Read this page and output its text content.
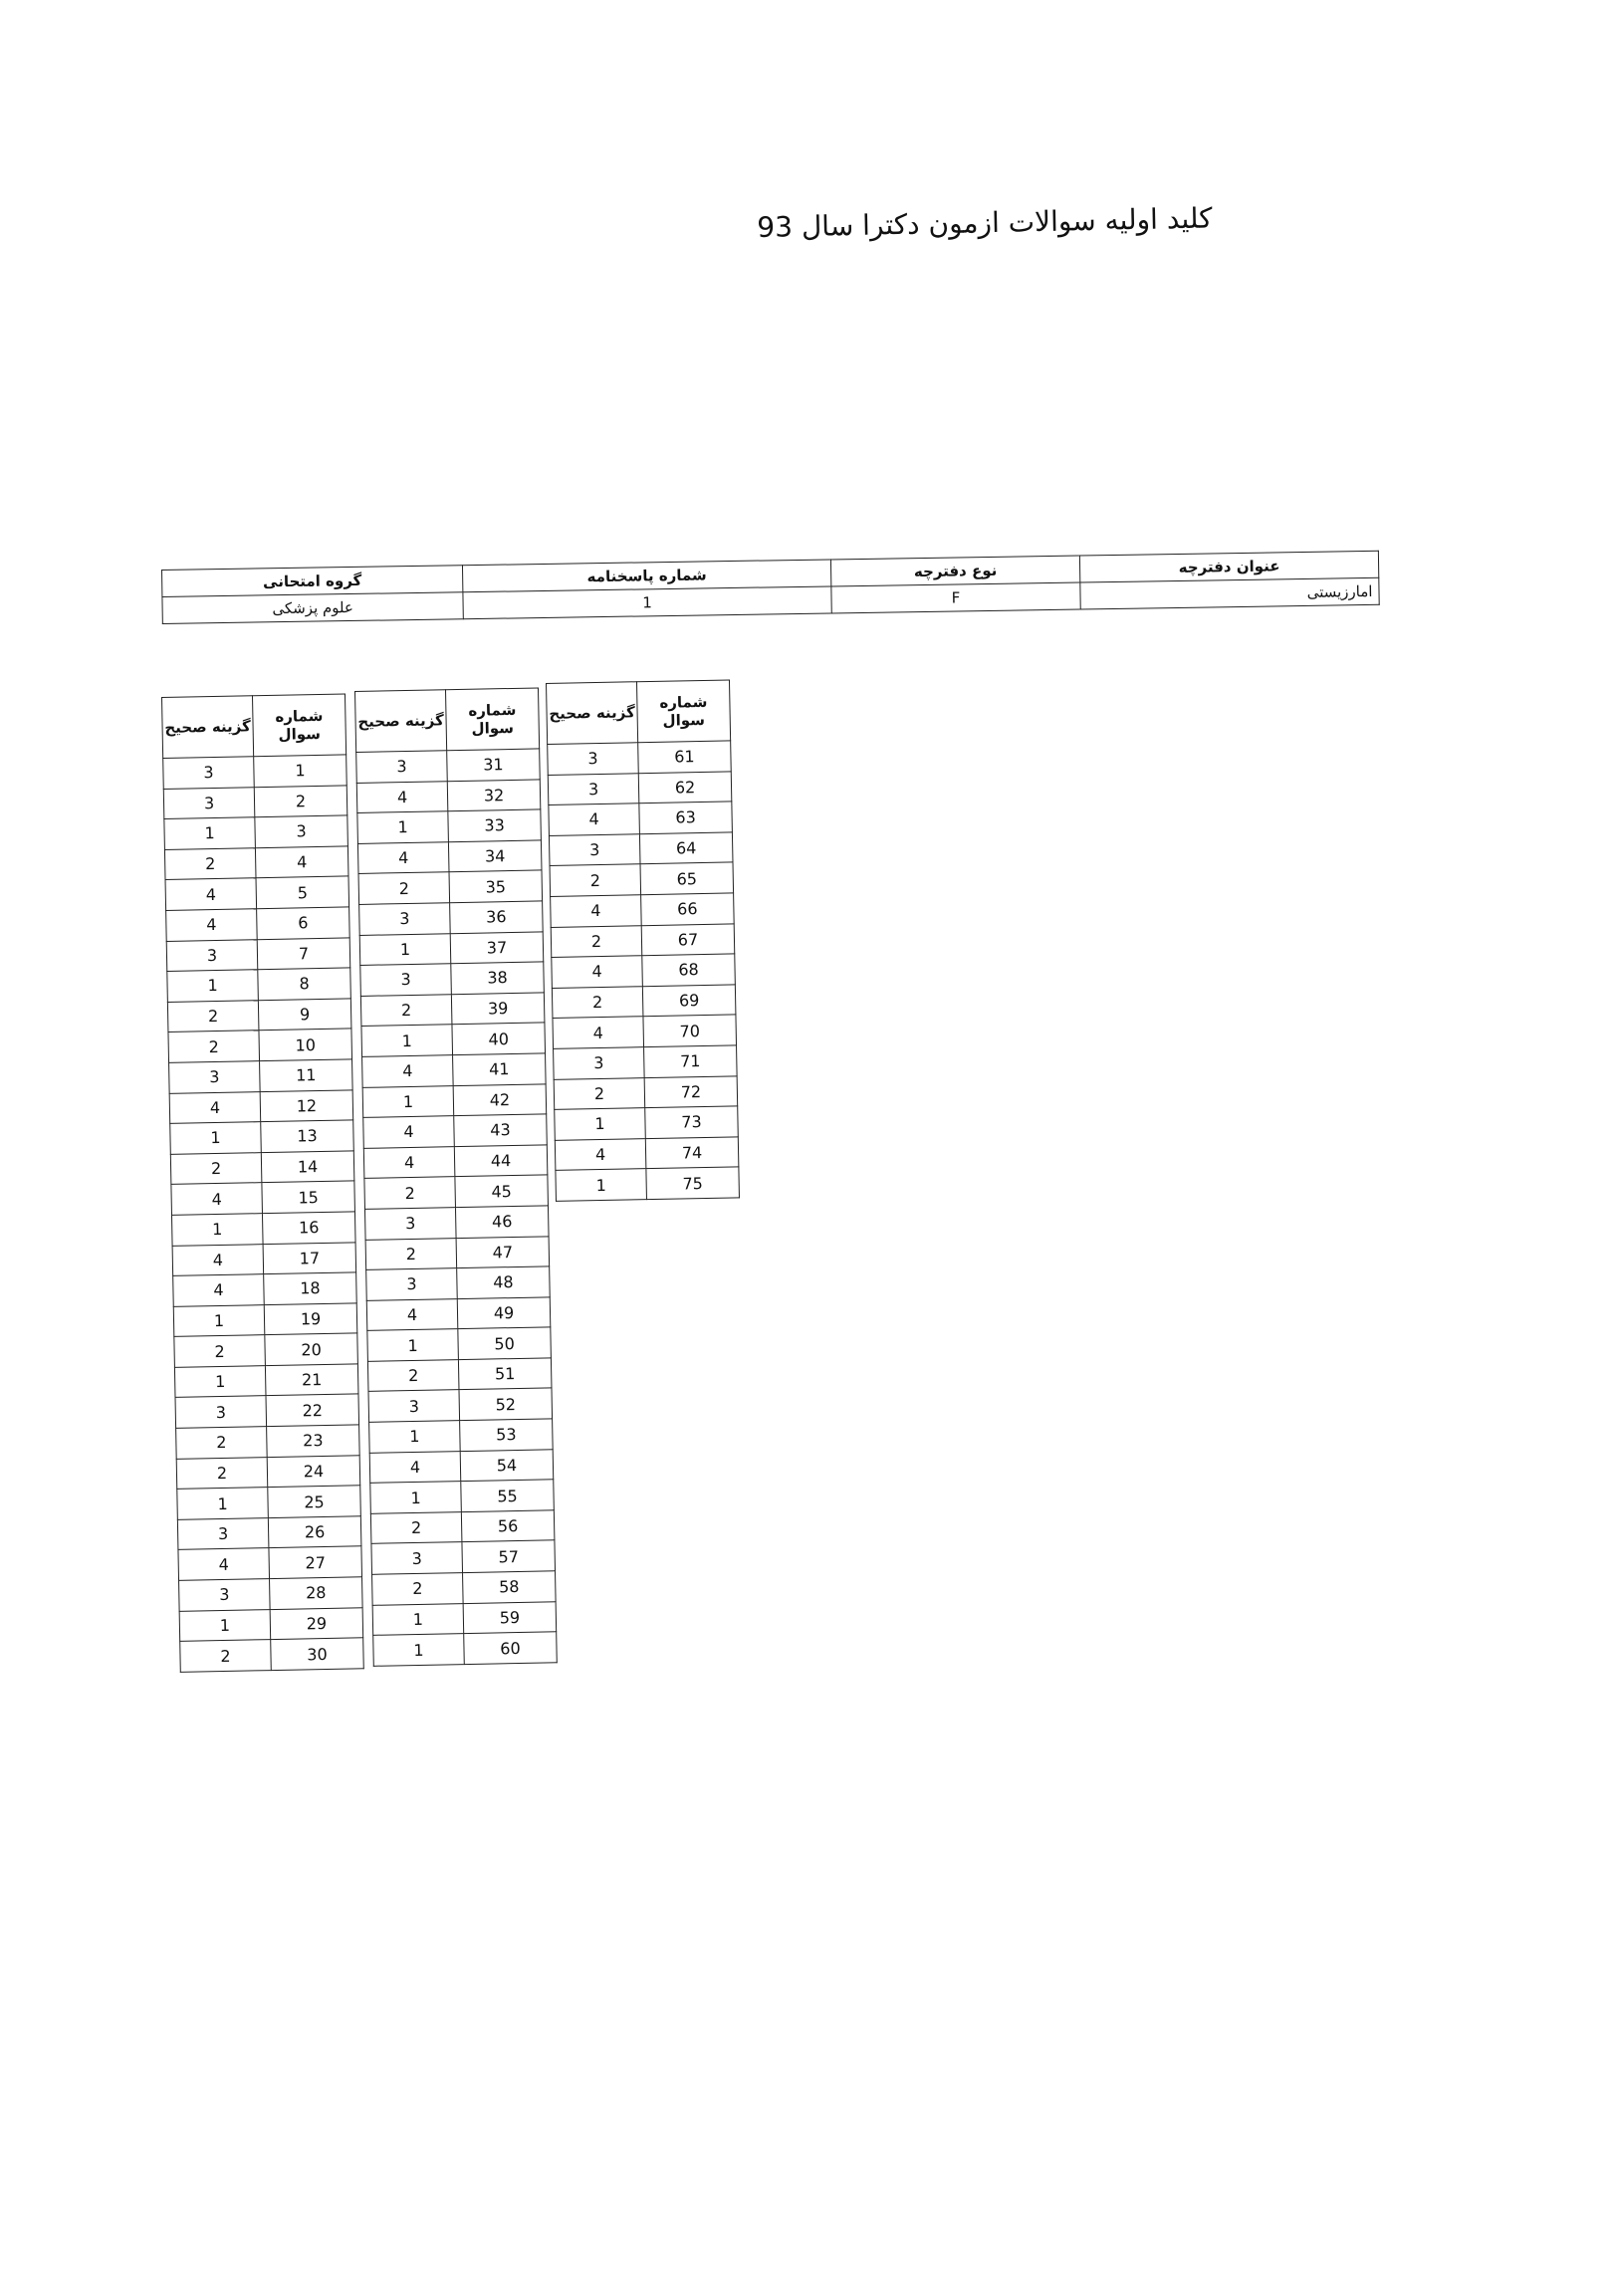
کلید اولیه سوالات ازمون دکترا سال 93
عنوان دفترچه	نوع دفترچه	شماره پاسخنامه	گروه امتحانی
امارزیستی	F	1	علوم پزشکی
شماره سوال	گزینه صحیح
1	3
2	3
3	1
4	2
5	4
6	4
7	3
8	1
9	2
10	2
11	3
12	4
13	1
14	2
15	4
16	1
17	4
18	4
19	1
20	2
21	1
22	3
23	2
24	2
25	1
26	3
27	4
28	3
29	1
30	2
شماره سوال	گزینه صحیح
31	3
32	4
33	1
34	4
35	2
36	3
37	1
38	3
39	2
40	1
41	4
42	1
43	4
44	4
45	2
46	3
47	2
48	3
49	4
50	1
51	2
52	3
53	1
54	4
55	1
56	2
57	3
58	2
59	1
60	1
شماره سوال	گزینه صحیح
61	3
62	3
63	4
64	3
65	2
66	4
67	2
68	4
69	2
70	4
71	3
72	2
73	1
74	4
75	1
